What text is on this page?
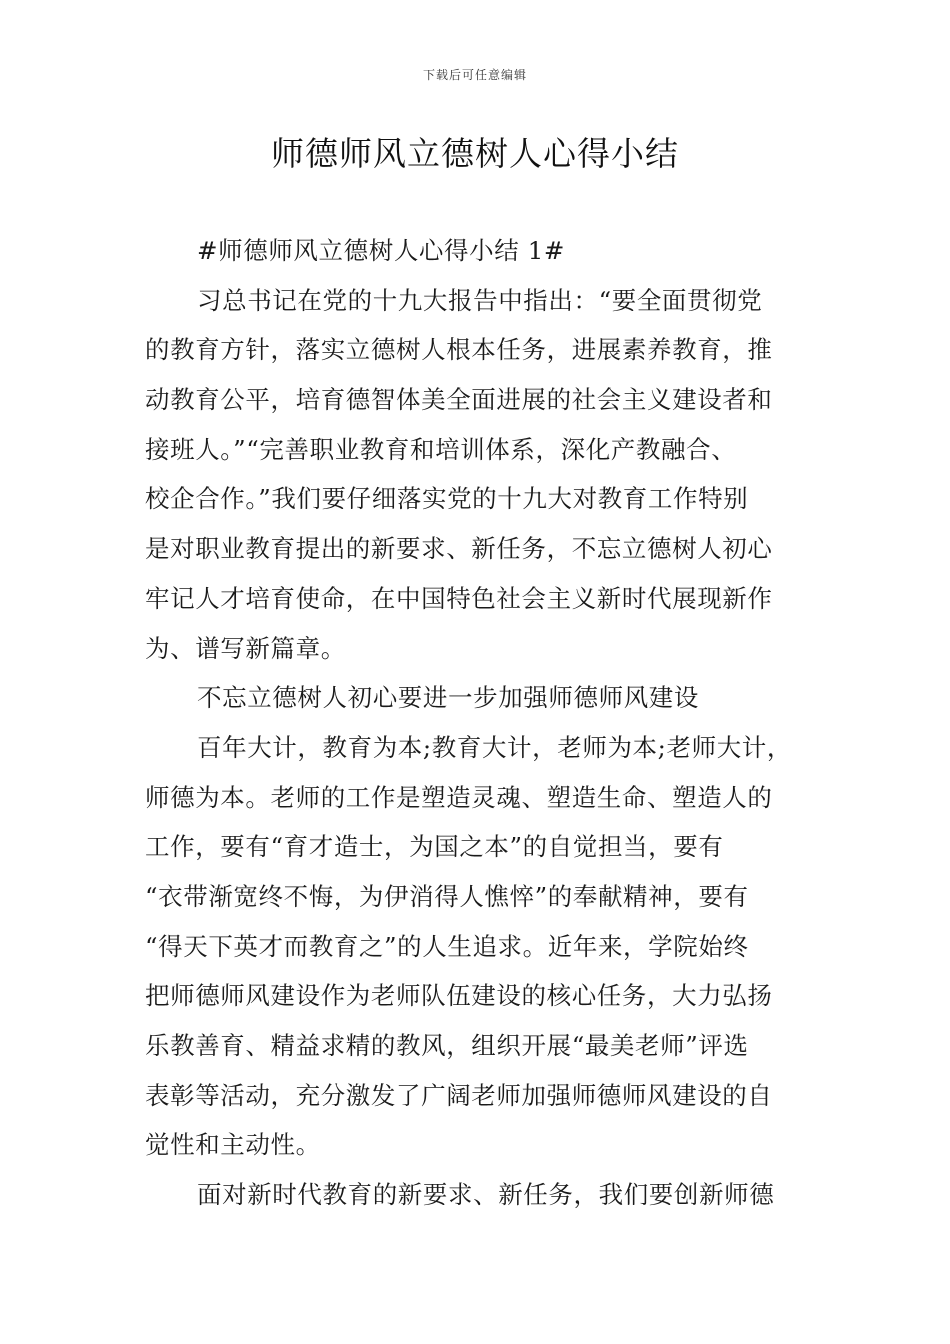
下载后可任意编辑
师德师风立德树人心得小结
#师德师风立德树人心得小结 1#
习总书记在党的十九大报告中指出：“要全面贯彻党
的教育方针，落实立德树人根本任务，进展素养教育，推
动教育公平，培育德智体美全面进展的社会主义建设者和
接班人。”“完善职业教育和培训体系，深化产教融合、
校企合作。”我们要仔细落实党的十九大对教育工作特别
是对职业教育提出的新要求、新任务，不忘立德树人初心
牢记人才培育使命，在中国特色社会主义新时代展现新作
为、谱写新篇章。
不忘立德树人初心要进一步加强师德师风建设
百年大计，教育为本;教育大计，老师为本;老师大计，
师德为本。老师的工作是塑造灵魂、塑造生命、塑造人的
工作，要有“育才造士，为国之本”的自觉担当，要有
“衣带渐宽终不悔，为伊消得人憔悴”的奉献精神，要有
“得天下英才而教育之”的人生追求。近年来，学院始终
把师德师风建设作为老师队伍建设的核心任务，大力弘扬
乐教善育、精益求精的教风，组织开展“最美老师”评选
表彰等活动，充分激发了广阔老师加强师德师风建设的自
觉性和主动性。
面对新时代教育的新要求、新任务，我们要创新师德
